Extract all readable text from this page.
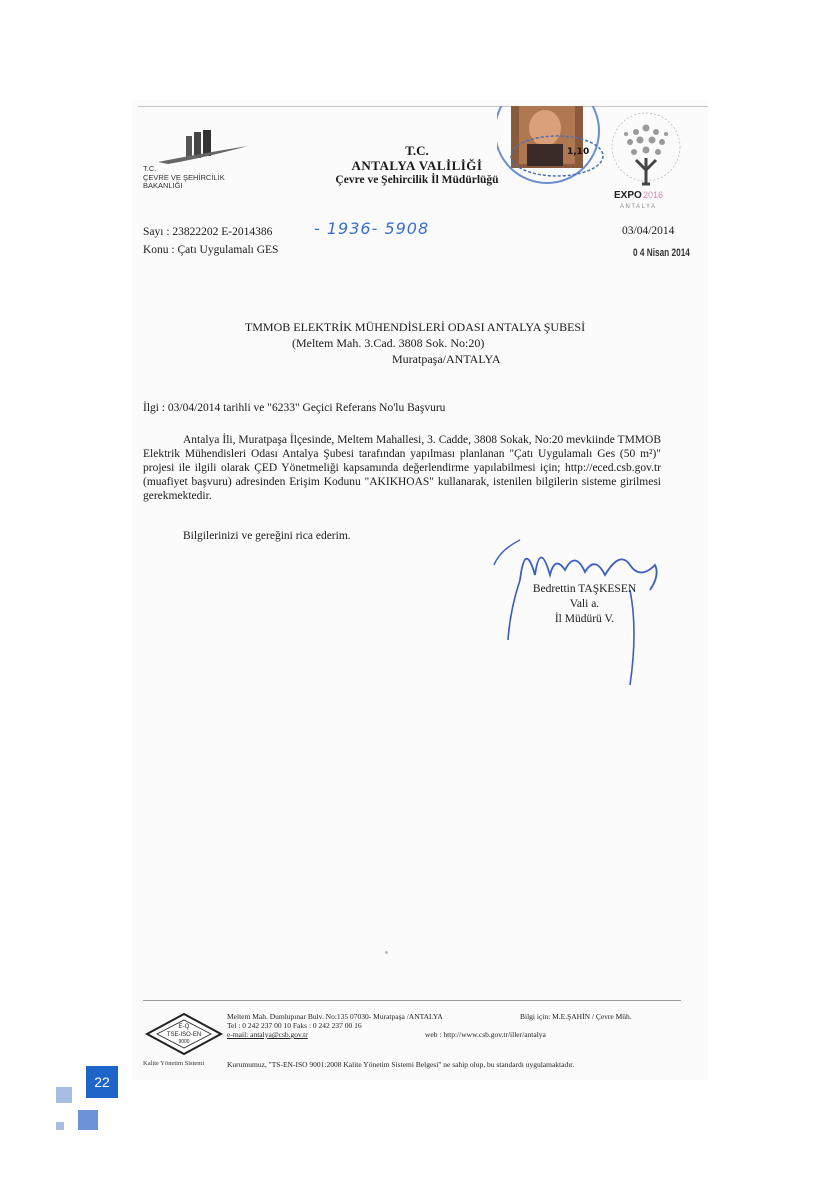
T.C.
ÇEVRE VE ŞEHİRCİLİK
BAKANLIĞI
T.C.
ANTALYA VALİLİĞİ
Çevre ve Şehircilik İl Müdürlüğü
1,10
EXPO 2016
ANTALYA
Sayı : 23822202 E-2014386	- 1936- 5908
Konu : Çatı Uygulamalı GES
03/04/2014
0 4 Nisan 2014
TMMOB ELEKTRİK MÜHENDİSLERİ ODASI ANTALYA ŞUBESİ
(Meltem Mah. 3.Cad. 3808 Sok. No:20)
Muratpaşa/ANTALYA
İlgi : 03/04/2014 tarihli ve "6233" Geçici Referans No'lu Başvuru

Antalya İli, Muratpaşa İlçesinde, Meltem Mahallesi, 3. Cadde, 3808 Sokak, No:20 mevkiinde TMMOB Elektrik Mühendisleri Odası Antalya Şubesi tarafından yapılması planlanan "Çatı Uygulamalı Ges (50 m²)" projesi ile ilgili olarak ÇED Yönetmeliği kapsamında değerlendirme yapılabilmesi için; http://eced.csb.gov.tr (muafiyet başvuru) adresinden Erişim Kodunu "AKIKHOAS" kullanarak, istenilen bilgilerin sisteme girilmesi gerekmektedir.

Bilgilerinizi ve gereğini rica ederim.
Bedrettin TAŞKESEN
Vali a.
İl Müdürü V.
E-Q
TSE-ISO-EN
9000
Meltem Mah. Dumlupınar Bulv. No:135 07030- Muratpaşa /ANTALYA
Tel : 0 242 237 00 10 Faks : 0 242 237 00 16
e-mail: antalya@csb.gov.tr
Bilgi için: M.E.ŞAHİN / Çevre Müh.
web : http://www.csb.gov.tr/iller/antalya
Kalite Yönetim Sistemi	Kurumumuz, "TS-EN-ISO 9001:2008 Kalite Yönetim Sistemi Belgesi" ne sahip olup, bu standardı uygulamaktadır.
22
